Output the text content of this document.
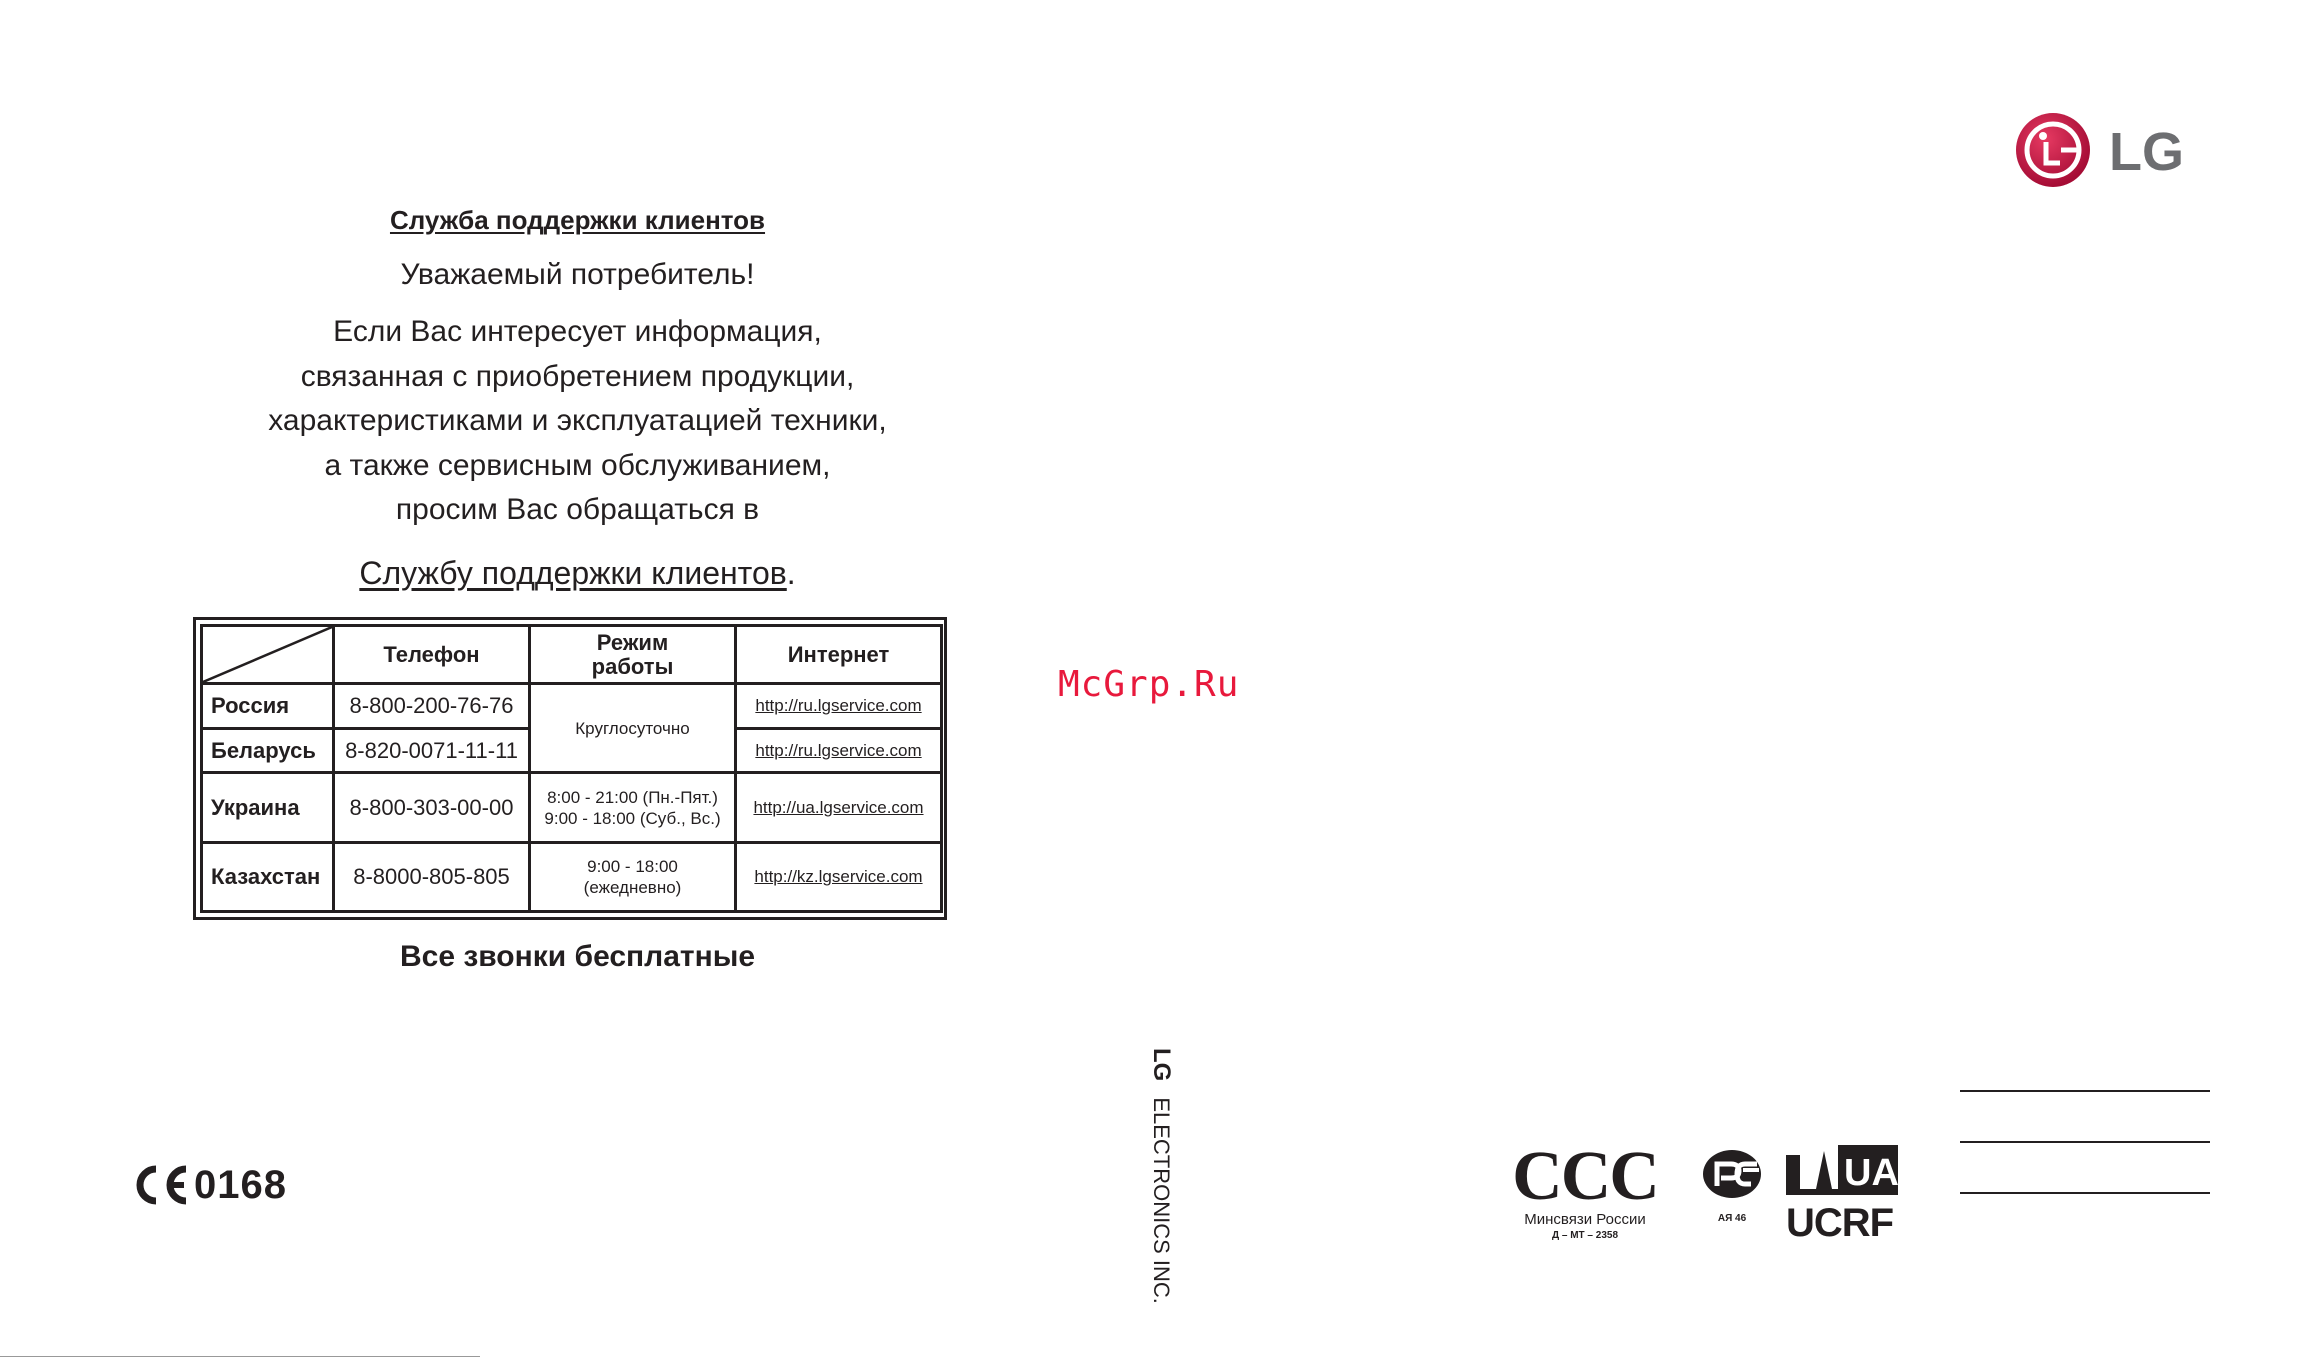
LG
Служба поддержки клиентов
Уважаемый потребитель!
Если Вас интересует информация,
связанная с приобретением продукции,
характеристиками и эксплуатацией техники,
а также сервисным обслуживанием,
просим Вас обращаться в
Службу поддержки клиентов.
	Телефон	Режим
работы	Интернет
Россия	8-800-200-76-76	Круглосуточно	http://ru.lgservice.com
Беларусь	8-820-0071-11-11		http://ru.lgservice.com
Украина	8-800-303-00-00	8:00 - 21:00 (Пн.-Пят.)
9:00 - 18:00 (Суб., Вс.)	http://ua.lgservice.com
Казахстан	8-8000-805-805	9:00 - 18:00
(ежедневно)	http://kz.lgservice.com
Все звонки бесплатные
McGrp.Ru
LGELECTRONICS INC.
0168	CCC
Минсвязи России
Д – МТ – 2358
АЯ 46
UA
UCRF
